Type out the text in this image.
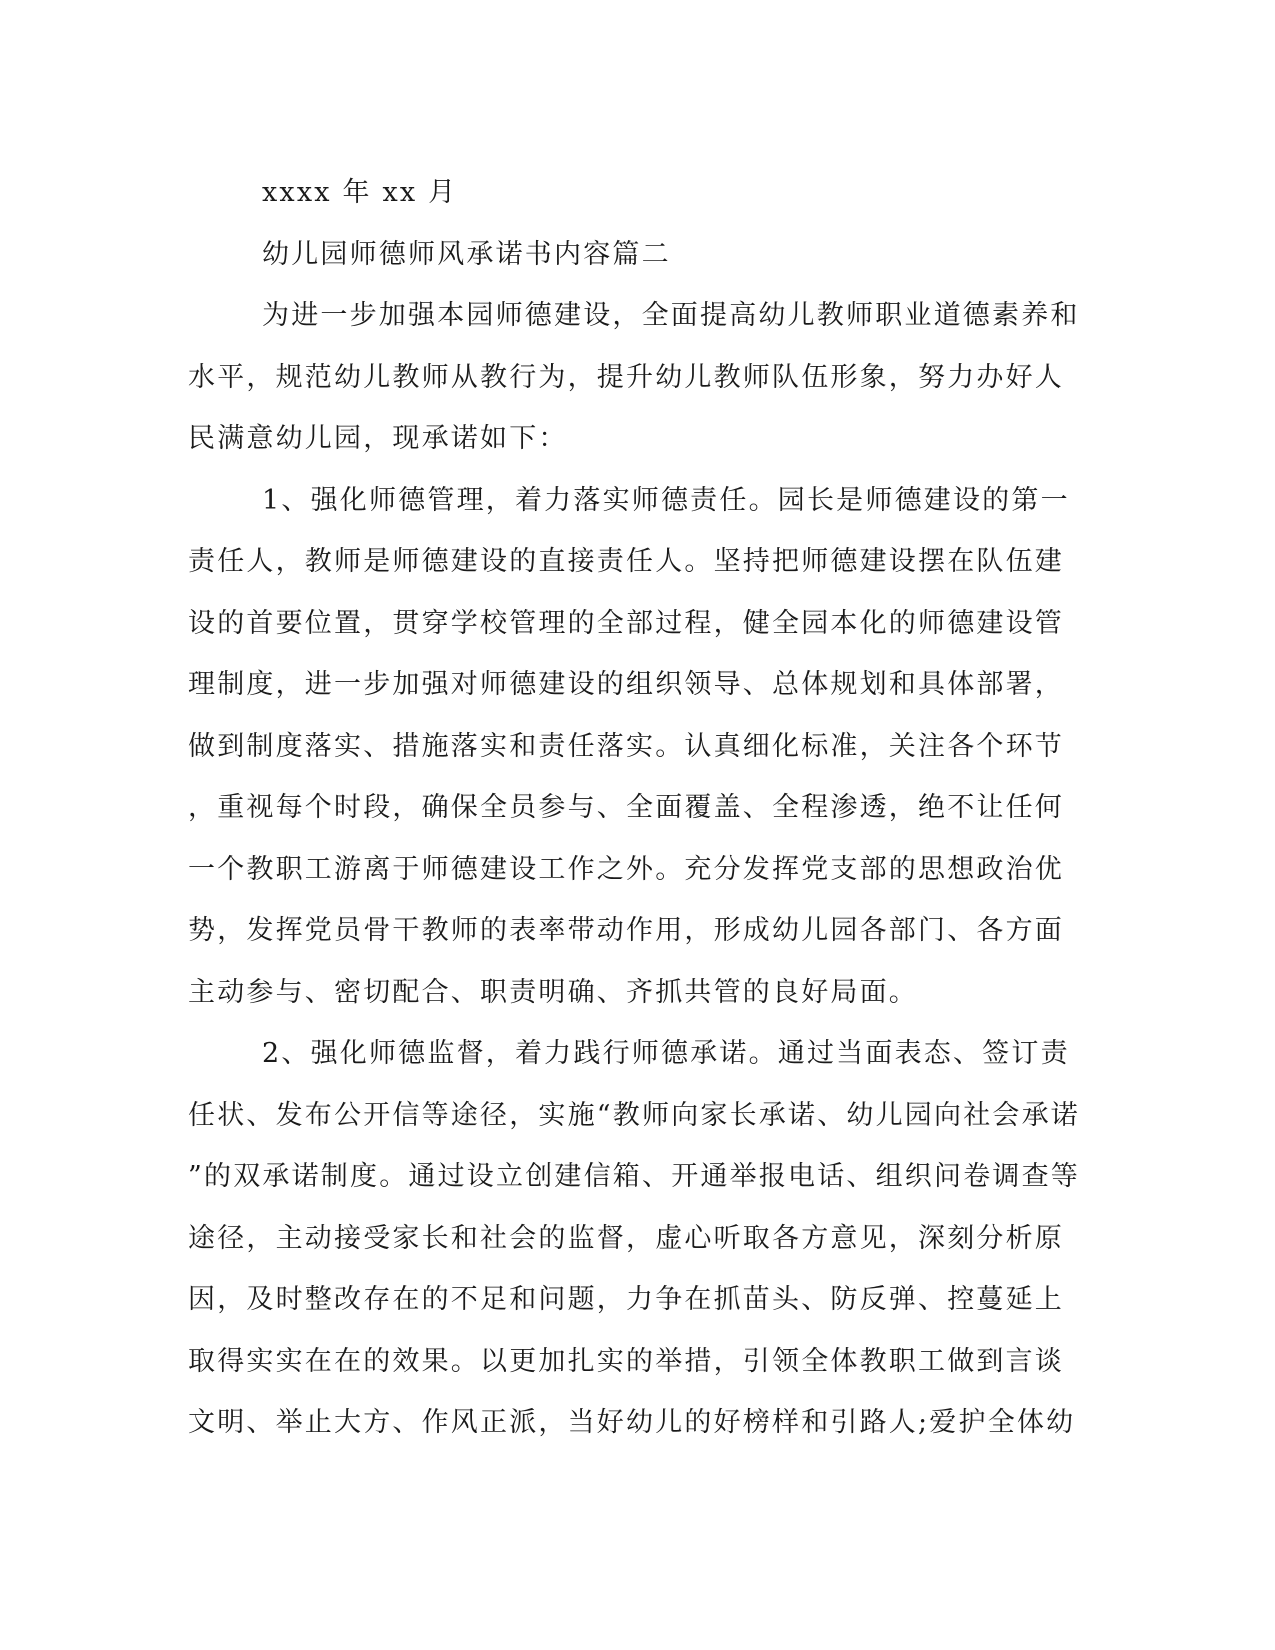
xxxx 年 xx 月
幼儿园师德师风承诺书内容篇二
为进一步加强本园师德建设，全面提高幼儿教师职业道德素养和
水平，规范幼儿教师从教行为，提升幼儿教师队伍形象，努力办好人
民满意幼儿园，现承诺如下：
1、强化师德管理，着力落实师德责任。园长是师德建设的第一
责任人，教师是师德建设的直接责任人。坚持把师德建设摆在队伍建
设的首要位置，贯穿学校管理的全部过程，健全园本化的师德建设管
理制度，进一步加强对师德建设的组织领导、总体规划和具体部署，
做到制度落实、措施落实和责任落实。认真细化标准，关注各个环节
，重视每个时段，确保全员参与、全面覆盖、全程渗透，绝不让任何
一个教职工游离于师德建设工作之外。充分发挥党支部的思想政治优
势，发挥党员骨干教师的表率带动作用，形成幼儿园各部门、各方面
主动参与、密切配合、职责明确、齐抓共管的良好局面。
2、强化师德监督，着力践行师德承诺。通过当面表态、签订责
任状、发布公开信等途径，实施“教师向家长承诺、幼儿园向社会承诺
”的双承诺制度。通过设立创建信箱、开通举报电话、组织问卷调查等
途径，主动接受家长和社会的监督，虚心听取各方意见，深刻分析原
因，及时整改存在的不足和问题，力争在抓苗头、防反弹、控蔓延上
取得实实在在的效果。以更加扎实的举措，引领全体教职工做到言谈
文明、举止大方、作风正派，当好幼儿的好榜样和引路人;爱护全体幼
